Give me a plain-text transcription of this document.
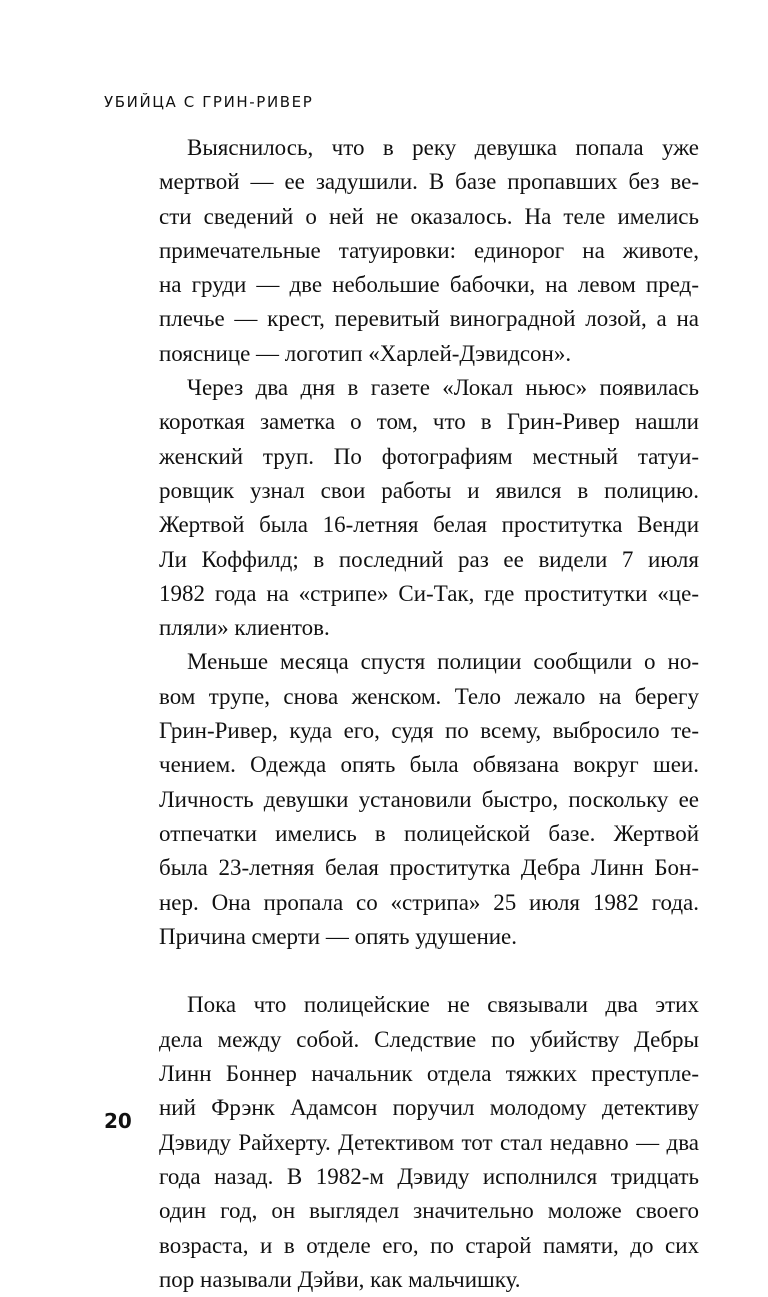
УБИЙЦА С ГРИН-РИВЕР
Выяснилось, что в реку девушка попала уже
мертвой — ее задушили. В базе пропавших без ве-
сти сведений о ней не оказалось. На теле имелись
примечательные татуировки: единорог на животе,
на груди — две небольшие бабочки, на левом пред-
плечье — крест, перевитый виноградной лозой, а на
пояснице — логотип «Харлей-Дэвидсон».
Через два дня в газете «Локал ньюс» появилась
короткая заметка о том, что в Грин-Ривер нашли
женский труп. По фотографиям местный татуи-
ровщик узнал свои работы и явился в полицию.
Жертвой была 16-летняя белая проститутка Венди
Ли Коффилд; в последний раз ее видели 7 июля
1982 года на «стрипе» Си-Так, где проститутки «це-
пляли» клиентов.
Меньше месяца спустя полиции сообщили о но-
вом трупе, снова женском. Тело лежало на берегу
Грин-Ривер, куда его, судя по всему, выбросило те-
чением. Одежда опять была обвязана вокруг шеи.
Личность девушки установили быстро, поскольку ее
отпечатки имелись в полицейской базе. Жертвой
была 23-летняя белая проститутка Дебра Линн Бон-
нер. Она пропала со «стрипа» 25 июля 1982 года.
Причина смерти — опять удушение.
Пока что полицейские не связывали два этих
дела между собой. Следствие по убийству Дебры
Линн Боннер начальник отдела тяжких преступле-
ний Фрэнк Адамсон поручил молодому детективу
Дэвиду Райхерту. Детективом тот стал недавно — два
года назад. В 1982-м Дэвиду исполнился тридцать
один год, он выглядел значительно моложе своего
возраста, и в отделе его, по старой памяти, до сих
пор называли Дэйви, как мальчишку.
20
